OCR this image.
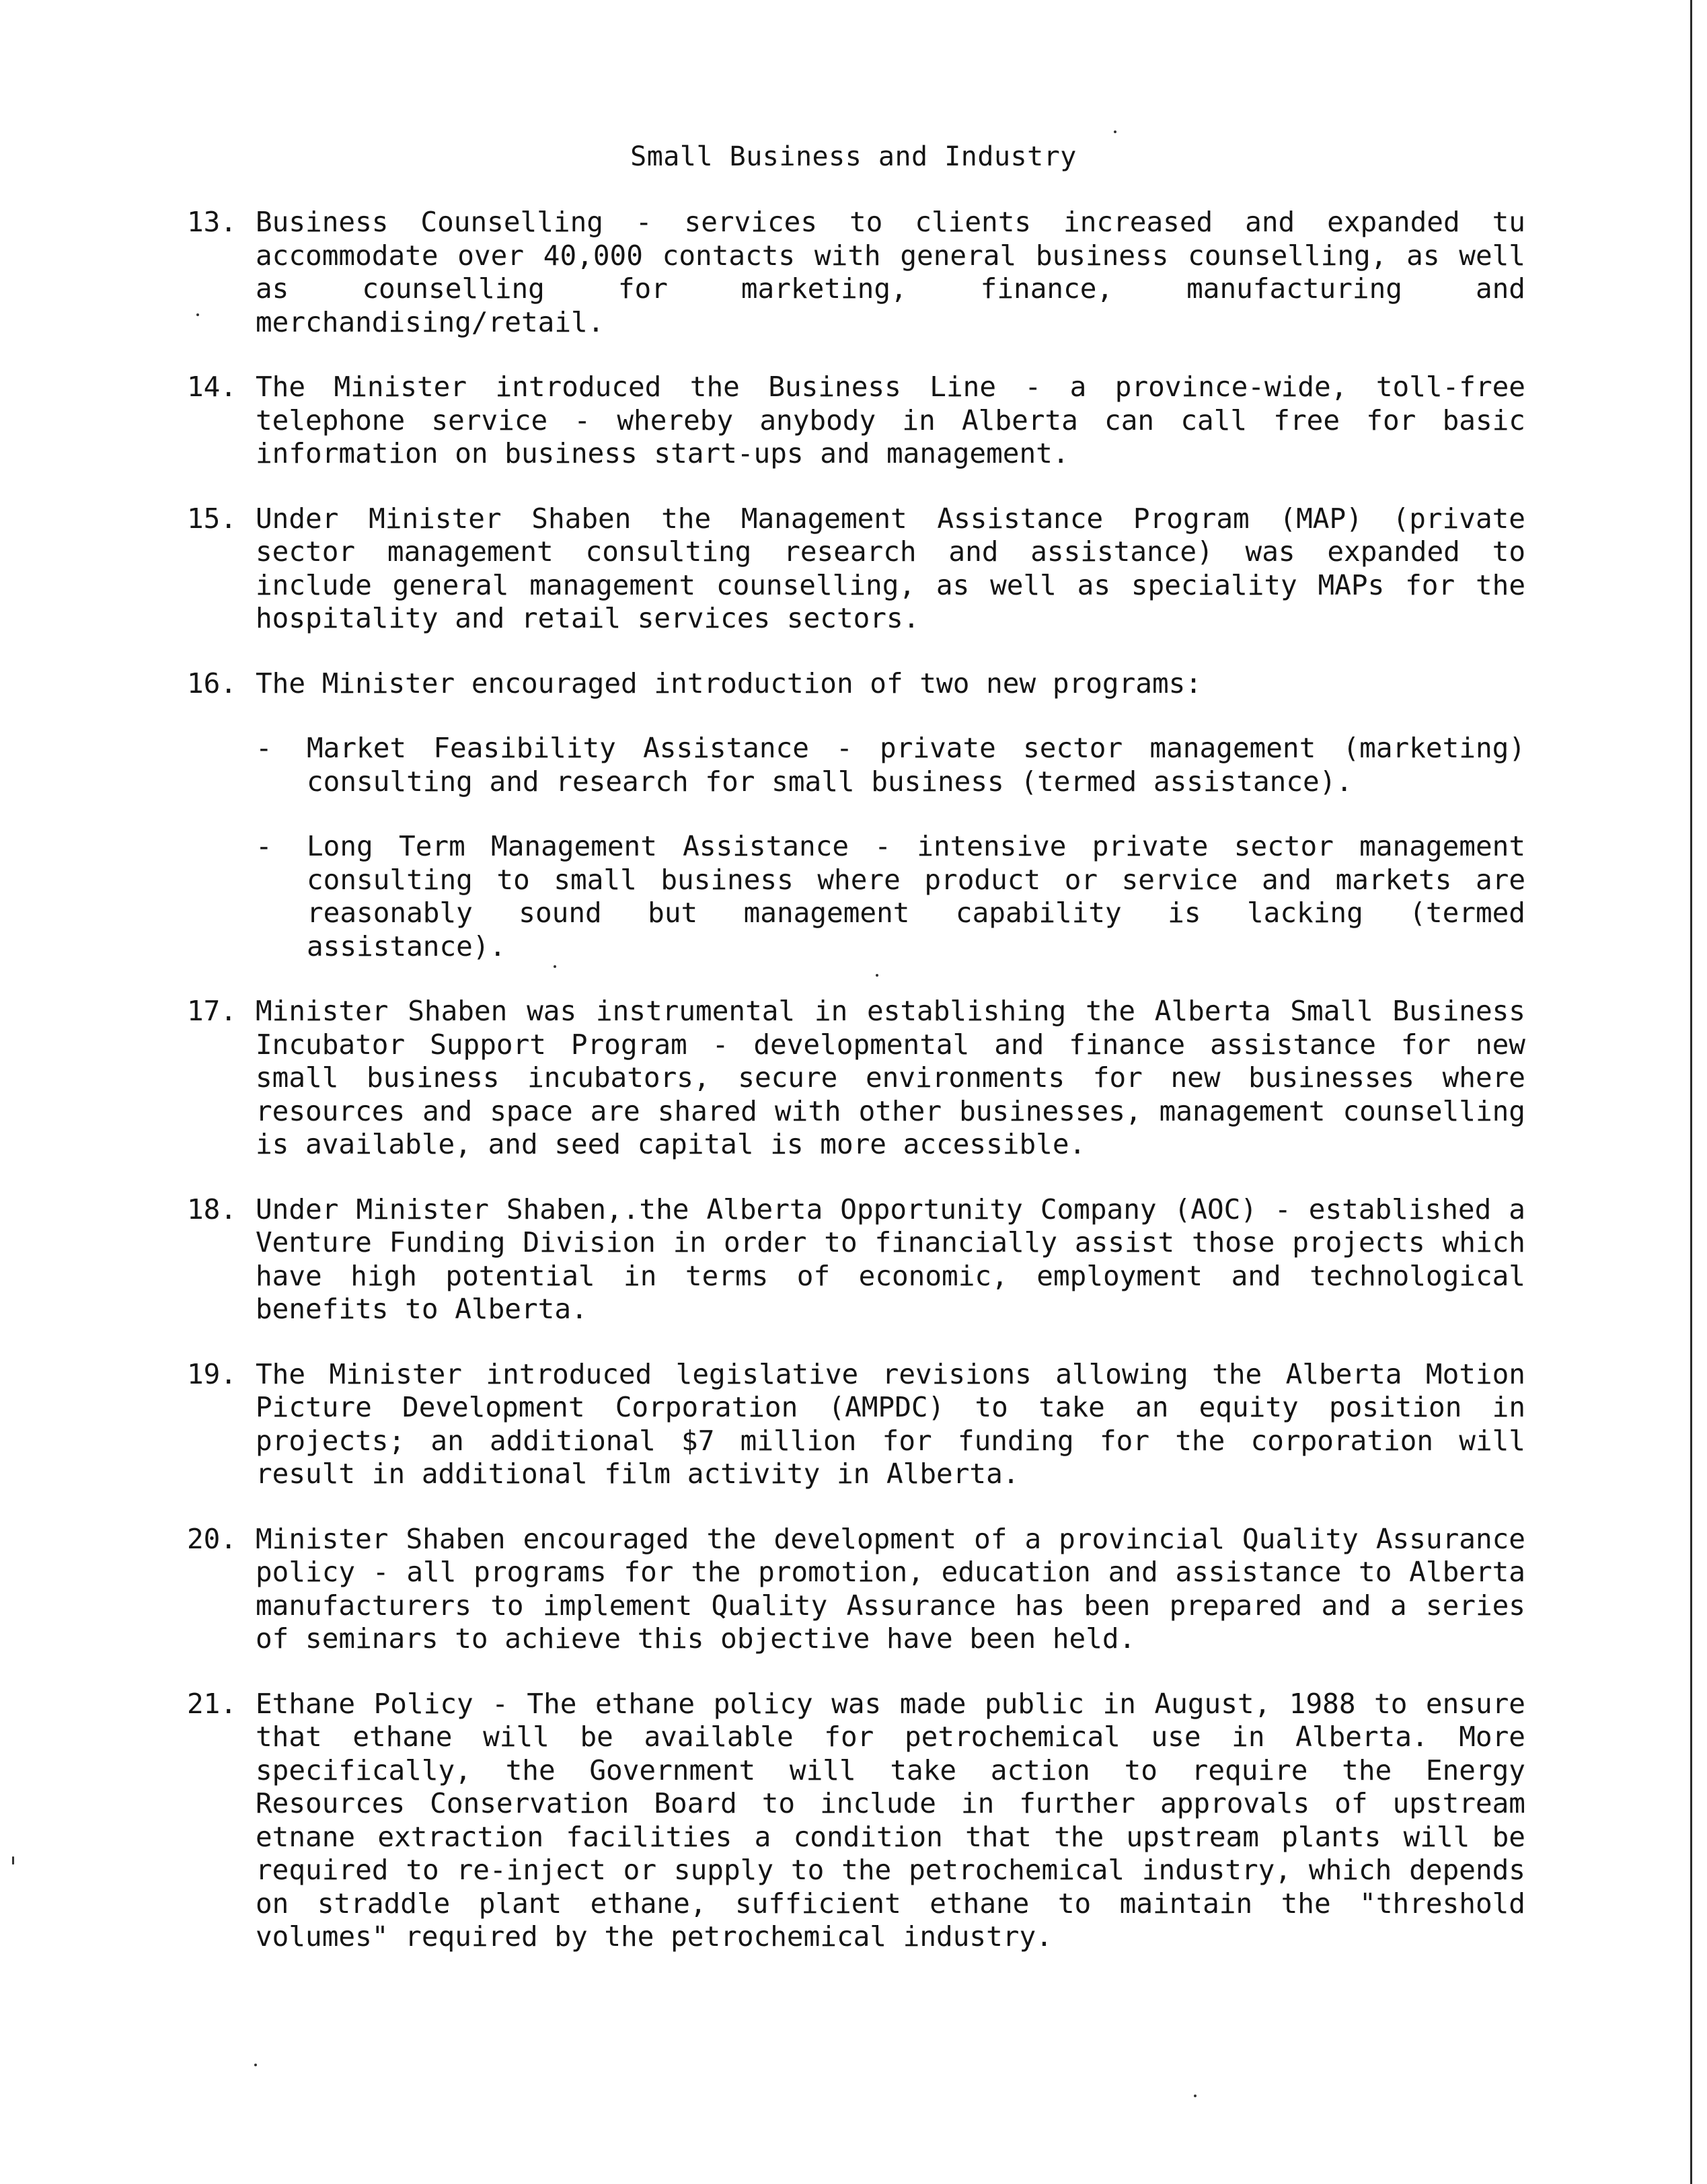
Small Business and Industry
13. Business Counselling - services to clients increased and expanded tu accommodate over 40,000 contacts with general business counselling, as well as counselling for marketing, finance, manufacturing and merchandising/retail.
14. The Minister introduced the Business Line - a province-wide, toll-free telephone service - whereby anybody in Alberta can call free for basic information on business start-ups and management.
15. Under Minister Shaben the Management Assistance Program (MAP) (private sector management consulting research and assistance) was expanded to include general management counselling, as well as speciality MAPs for the hospitality and retail services sectors.
16. The Minister encouraged introduction of two new programs:
- Market Feasibility Assistance - private sector management (marketing) consulting and research for small business (termed assistance).
- Long Term Management Assistance - intensive private sector management consulting to small business where product or service and markets are reasonably sound but management capability is lacking (termed assistance).
17. Minister Shaben was instrumental in establishing the Alberta Small Business Incubator Support Program - developmental and finance assistance for new small business incubators, secure environments for new businesses where resources and space are shared with other businesses, management counselling is available, and seed capital is more accessible.
18. Under Minister Shaben,.the Alberta Opportunity Company (AOC) - established a Venture Funding Division in order to financially assist those projects which have high potential in terms of economic, employment and technological benefits to Alberta.
19. The Minister introduced legislative revisions allowing the Alberta Motion Picture Development Corporation (AMPDC) to take an equity position in projects; an additional $7 million for funding for the corporation will result in additional film activity in Alberta.
20. Minister Shaben encouraged the development of a provincial Quality Assurance policy - all programs for the promotion, education and assistance to Alberta manufacturers to implement Quality Assurance has been prepared and a series of seminars to achieve this objective have been held.
21. Ethane Policy - The ethane policy was made public in August, 1988 to ensure that ethane will be available for petrochemical use in Alberta. More specifically, the Government will take action to require the Energy Resources Conservation Board to include in further approvals of upstream etnane extraction facilities a condition that the upstream plants will be required to re-inject or supply to the petrochemical industry, which depends on straddle plant ethane, sufficient ethane to maintain the "threshold volumes" required by the petrochemical industry.
